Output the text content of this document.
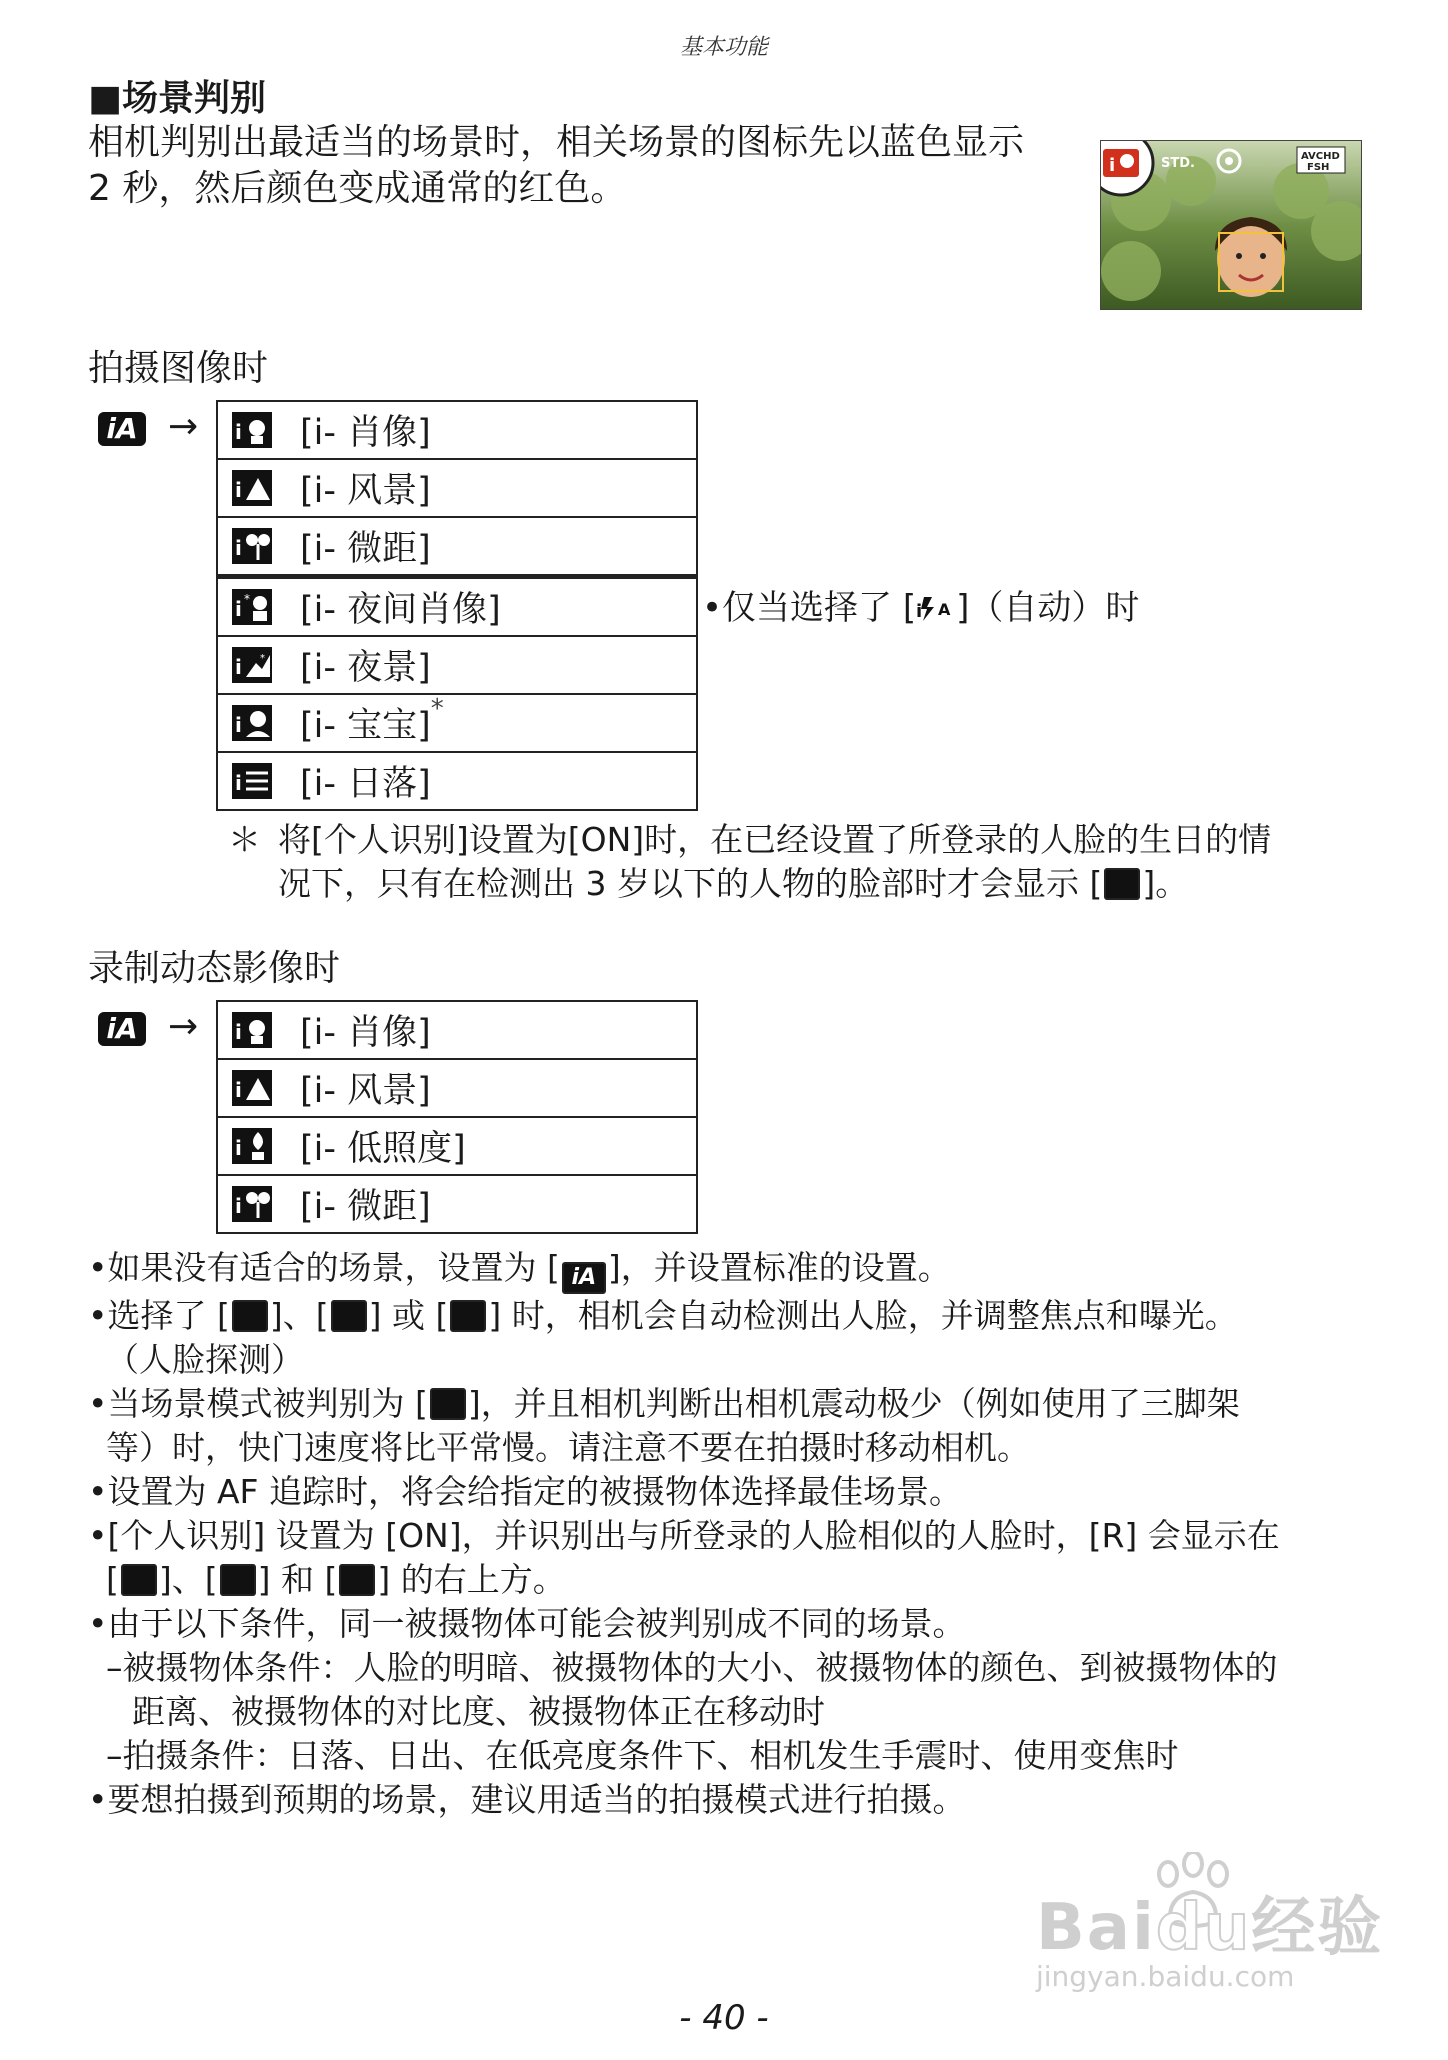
基本功能
■场景判别
相机判别出最适当的场景时，相关场景的图标先以蓝色显示
2 秒，然后颜色变成通常的红色。
i	STD.	AVCHD
FSH
拍摄图像时
iA → i [i- 肖像]
i [i- 风景]
i [i- 微距]
i * [i- 夜间肖像]
i * [i- 夜景]
i [i- 宝宝] *
i [i- 日落]
•仅当选择了 [ i A ]（自动）时
＊ 将[个人识别]设置为[ON]时，在已经设置了所登录的人脸的生日的情
况下，只有在检测出 3 岁以下的人物的脸部时才会显示 [ ]。
录制动态影像时
iA → i [i- 肖像]
i [i- 风景]
i [i- 低照度]
i [i- 微距]
•如果没有适合的场景，设置为 [ iA ]，并设置标准的设置。
•选择了 [ ]、[ ] 或 [ ] 时，相机会自动检测出人脸，并调整焦点和曝光。
（人脸探测）
•当场景模式被判别为 [ ]，并且相机判断出相机震动极少（例如使用了三脚架
等）时，快门速度将比平常慢。请注意不要在拍摄时移动相机。
•设置为 AF 追踪时，将会给指定的被摄物体选择最佳场景。
•[个人识别] 设置为 [ON]，并识别出与所登录的人脸相似的人脸时，[R] 会显示在
[ ]、[ ] 和 [ ] 的右上方。
•由于以下条件，同一被摄物体可能会被判别成不同的场景。
–被摄物体条件：人脸的明暗、被摄物体的大小、被摄物体的颜色、到被摄物体的
距离、被摄物体的对比度、被摄物体正在移动时
–拍摄条件：日落、日出、在低亮度条件下、相机发生手震时、使用变焦时
•要想拍摄到预期的场景，建议用适当的拍摄模式进行拍摄。
Baidu经验
jingyan.baidu.com
- 40 -
